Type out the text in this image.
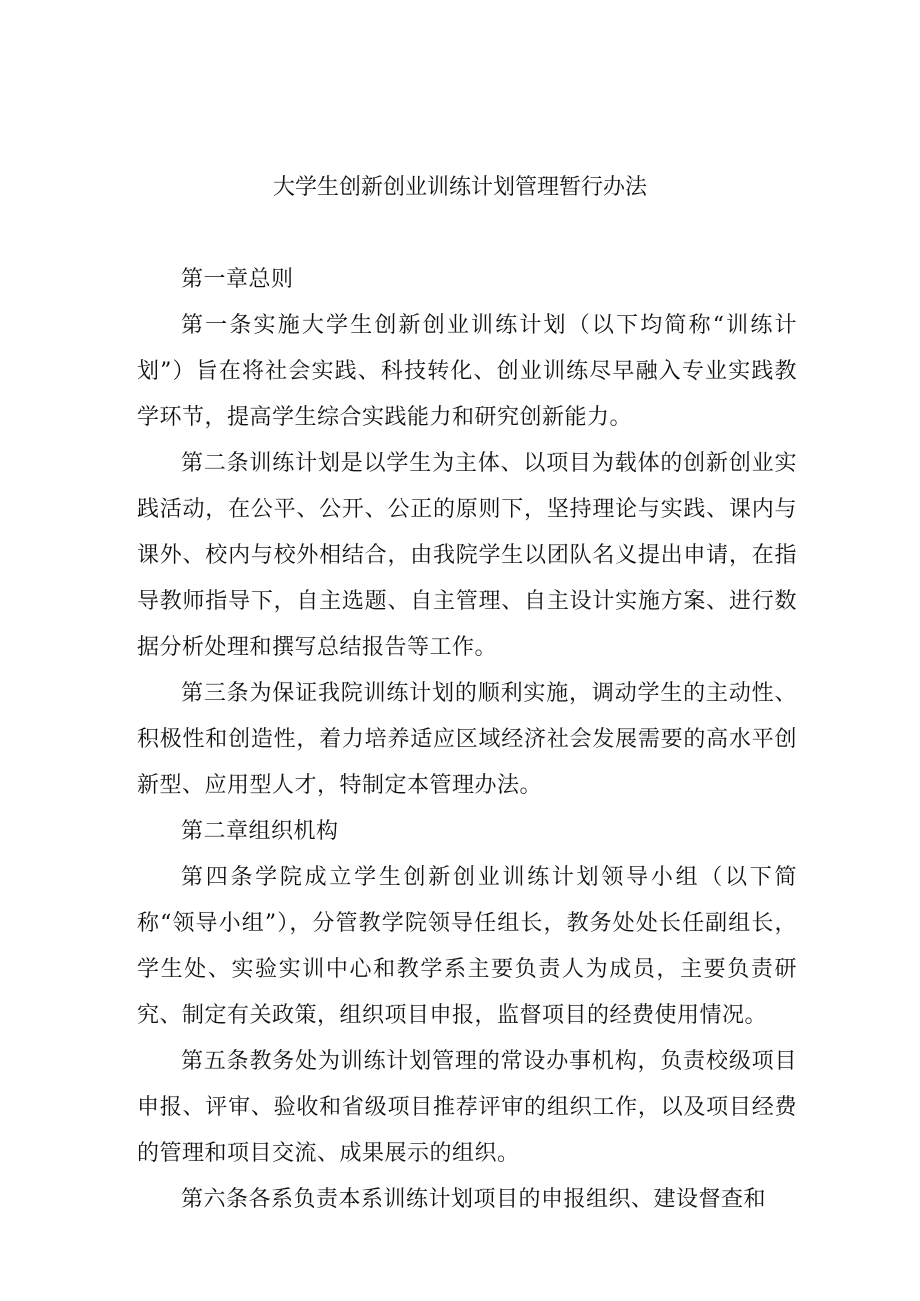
大学生创新创业训练计划管理暂行办法

第一章总则

第一条实施大学生创新创业训练计划（以下均简称“训练计划”）旨在将社会实践、科技转化、创业训练尽早融入专业实践教学环节，提高学生综合实践能力和研究创新能力。

第二条训练计划是以学生为主体、以项目为载体的创新创业实践活动，在公平、公开、公正的原则下，坚持理论与实践、课内与课外、校内与校外相结合，由我院学生以团队名义提出申请，在指导教师指导下，自主选题、自主管理、自主设计实施方案、进行数据分析处理和撰写总结报告等工作。

第三条为保证我院训练计划的顺利实施，调动学生的主动性、积极性和创造性，着力培养适应区域经济社会发展需要的高水平创新型、应用型人才，特制定本管理办法。

第二章组织机构

第四条学院成立学生创新创业训练计划领导小组（以下简称“领导小组”），分管教学院领导任组长，教务处处长任副组长，学生处、实验实训中心和教学系主要负责人为成员，主要负责研究、制定有关政策，组织项目申报，监督项目的经费使用情况。

第五条教务处为训练计划管理的常设办事机构，负责校级项目申报、评审、验收和省级项目推荐评审的组织工作，以及项目经费的管理和项目交流、成果展示的组织。

第六条各系负责本系训练计划项目的申报组织、建设督查和
